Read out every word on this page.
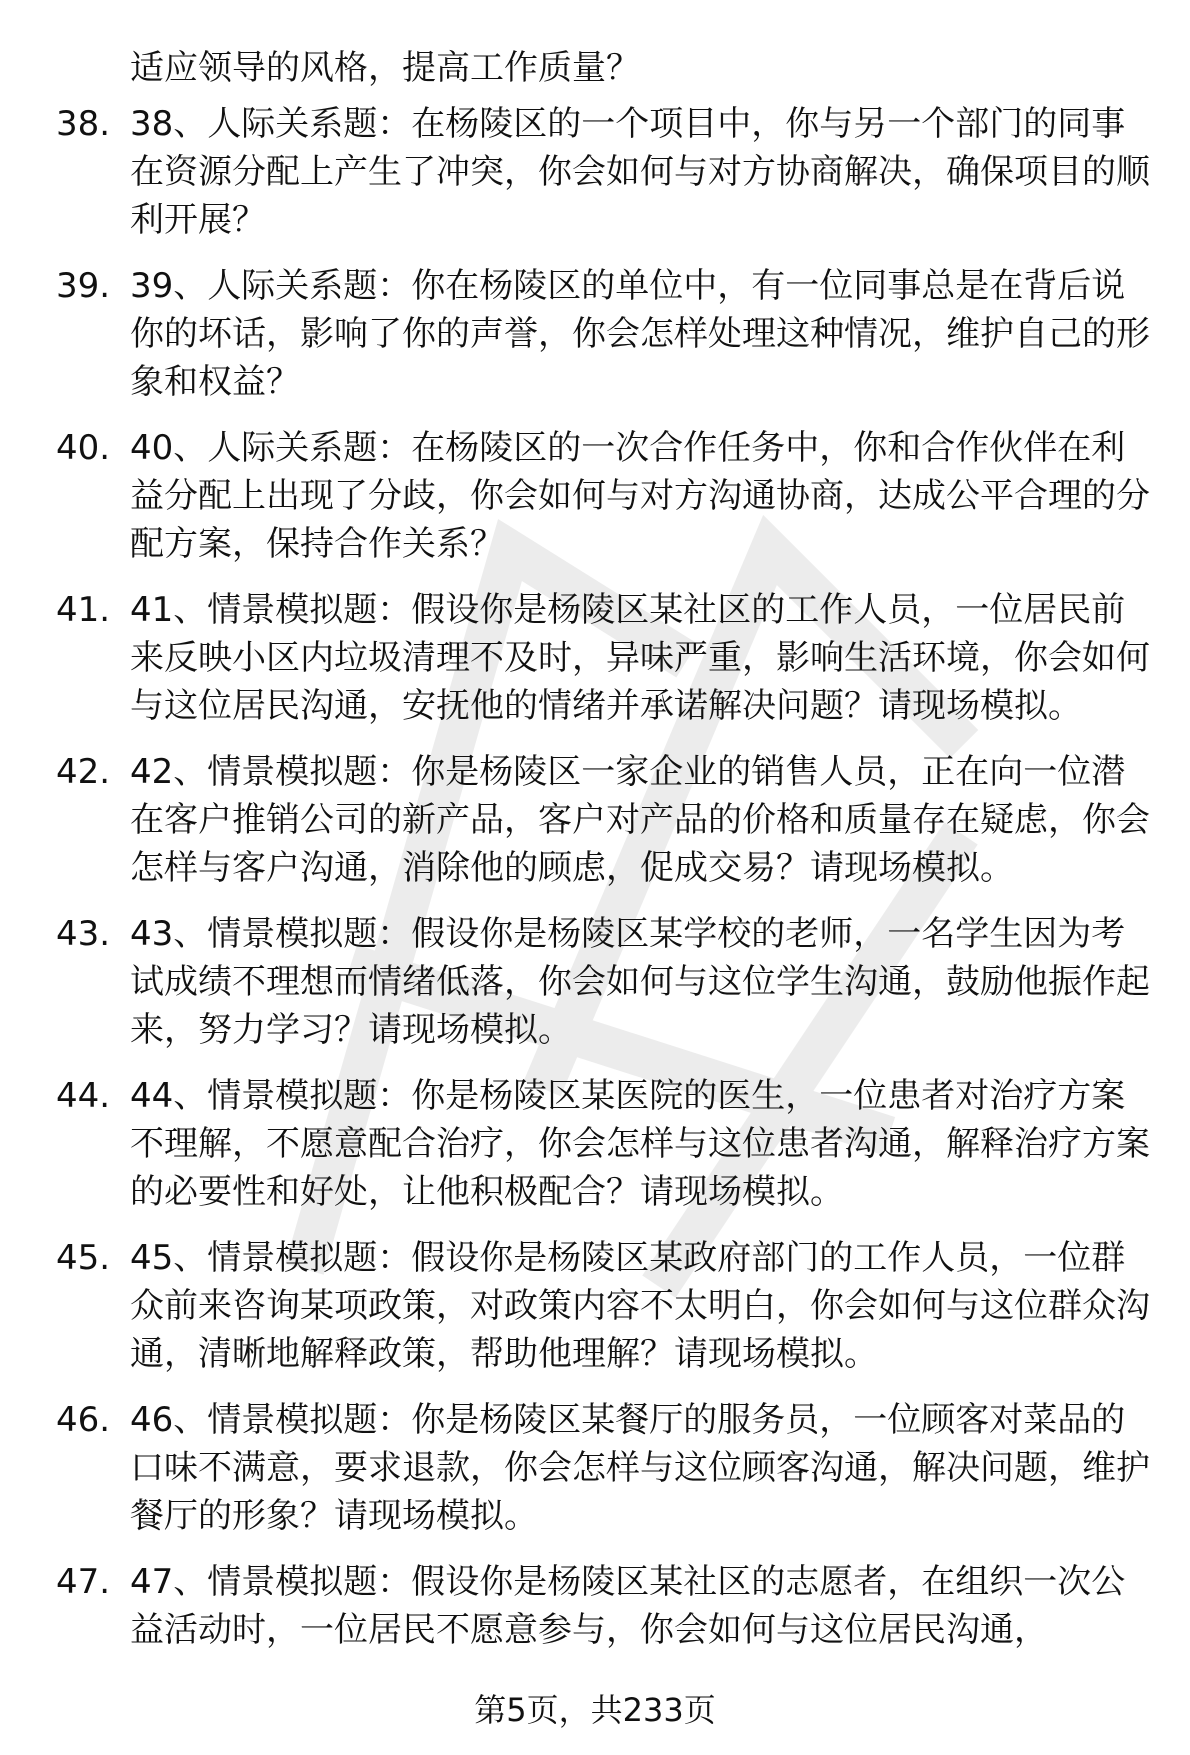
适应领导的风格，提高工作质量？
38. 38、人际关系题：在杨陵区的一个项目中，你与另一个部门的同事在资源分配上产生了冲突，你会如何与对方协商解决，确保项目的顺利开展？
39. 39、人际关系题：你在杨陵区的单位中，有一位同事总是在背后说你的坏话，影响了你的声誉，你会怎样处理这种情况，维护自己的形象和权益？
40. 40、人际关系题：在杨陵区的一次合作任务中，你和合作伙伴在利益分配上出现了分歧，你会如何与对方沟通协商，达成公平合理的分配方案，保持合作关系？
41. 41、情景模拟题：假设你是杨陵区某社区的工作人员，一位居民前来反映小区内垃圾清理不及时，异味严重，影响生活环境，你会如何与这位居民沟通，安抚他的情绪并承诺解决问题？请现场模拟。
42. 42、情景模拟题：你是杨陵区一家企业的销售人员，正在向一位潜在客户推销公司的新产品，客户对产品的价格和质量存在疑虑，你会怎样与客户沟通，消除他的顾虑，促成交易？请现场模拟。
43. 43、情景模拟题：假设你是杨陵区某学校的老师，一名学生因为考试成绩不理想而情绪低落，你会如何与这位学生沟通，鼓励他振作起来，努力学习？请现场模拟。
44. 44、情景模拟题：你是杨陵区某医院的医生，一位患者对治疗方案不理解，不愿意配合治疗，你会怎样与这位患者沟通，解释治疗方案的必要性和好处，让他积极配合？请现场模拟。
45. 45、情景模拟题：假设你是杨陵区某政府部门的工作人员，一位群众前来咨询某项政策，对政策内容不太明白，你会如何与这位群众沟通，清晰地解释政策，帮助他理解？请现场模拟。
46. 46、情景模拟题：你是杨陵区某餐厅的服务员，一位顾客对菜品的口味不满意，要求退款，你会怎样与这位顾客沟通，解决问题，维护餐厅的形象？请现场模拟。
47. 47、情景模拟题：假设你是杨陵区某社区的志愿者，在组织一次公益活动时，一位居民不愿意参与，你会如何与这位居民沟通，
第5页，共233页
